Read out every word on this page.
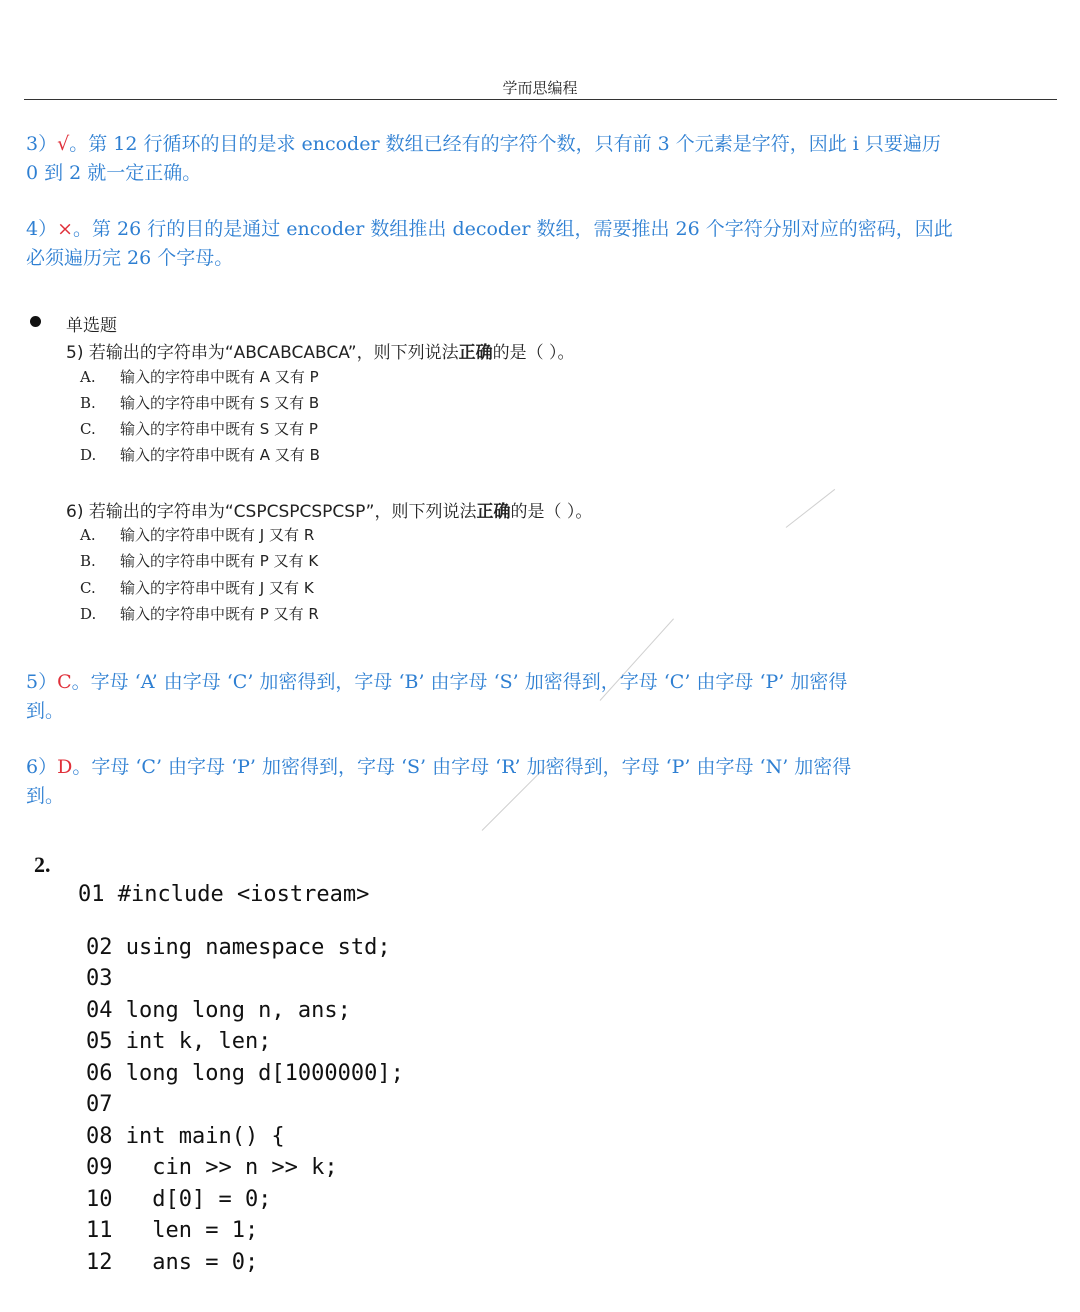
学而思编程
3）√。第 12 行循环的目的是求 encoder 数组已经有的字符个数，只有前 3 个元素是字符，因此 i 只要遍历
0 到 2 就一定正确。
4）×。第 26 行的目的是通过 encoder 数组推出 decoder 数组，需要推出 26 个字符分别对应的密码，因此
必须遍历完 26 个字母。
单选题
5) 若输出的字符串为“ABCABCABCA”，则下列说法正确的是（ ）。
A. 输入的字符串中既有 A 又有 P
B. 输入的字符串中既有 S 又有 B
C. 输入的字符串中既有 S 又有 P
D. 输入的字符串中既有 A 又有 B
6) 若输出的字符串为“CSPCSPCSPCSP”，则下列说法正确的是（ ）。
A. 输入的字符串中既有 J 又有 R
B. 输入的字符串中既有 P 又有 K
C. 输入的字符串中既有 J 又有 K
D. 输入的字符串中既有 P 又有 R
5）C。字母 ‘A’ 由字母 ‘C’ 加密得到，字母 ‘B’ 由字母 ‘S’ 加密得到，字母 ‘C’ 由字母 ‘P’ 加密得
到。
6）D。字母 ‘C’ 由字母 ‘P’ 加密得到，字母 ‘S’ 由字母 ‘R’ 加密得到，字母 ‘P’ 由字母 ‘N’ 加密得
到。
2.
01 #include <iostream>
02 using namespace std;
03
04 long long n, ans;
05 int k, len;
06 long long d[1000000];
07
08 int main() {
09   cin >> n >> k;
10   d[0] = 0;
11   len = 1;
12   ans = 0;
